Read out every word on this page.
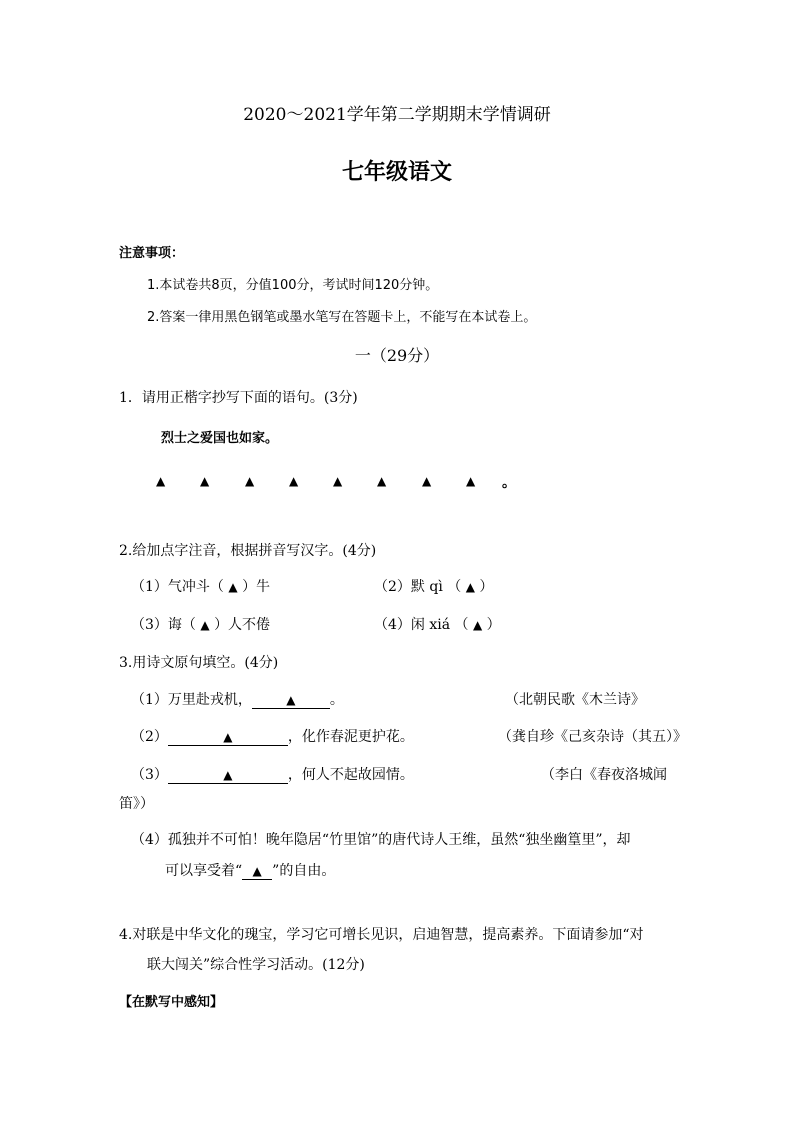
2020～2021学年第二学期期末学情调研
七年级语文
注意事项：
1.本试卷共8页，分值100分，考试时间120分钟。
2.答案一律用黑色钢笔或墨水笔写在答题卡上，不能写在本试卷上。
一（29分）
1．请用正楷字抄写下面的语句。(3分)
烈士之爱国也如家。
▲	▲	▲	▲	▲	▲	▲	▲ 。
2.给加点字注音，根据拼音写汉字。(4分)
（1）气冲斗（ ▲ ）牛	（2）默 qì （ ▲ ）
（3）诲（ ▲ ）人不倦	（4）闲 xiá （ ▲ ）
3.用诗文原句填空。(4分)
（1）万里赴戎机，	▲ 。	（北朝民歌《木兰诗》
（2）	▲	，化作春泥更护花。	（龚自珍《己亥杂诗（其五）》
（3）	▲	，何人不起故园情。	（李白《春夜洛城闻
笛》）
（4）孤独并不可怕！晚年隐居“竹里馆”的唐代诗人王维，虽然“独坐幽篁里”，却
可以享受着“ ▲ ”的自由。
4.对联是中华文化的瑰宝，学习它可增长见识，启迪智慧，提高素养。下面请参加“对
联大闯关”综合性学习活动。(12分)
【在默写中感知】
